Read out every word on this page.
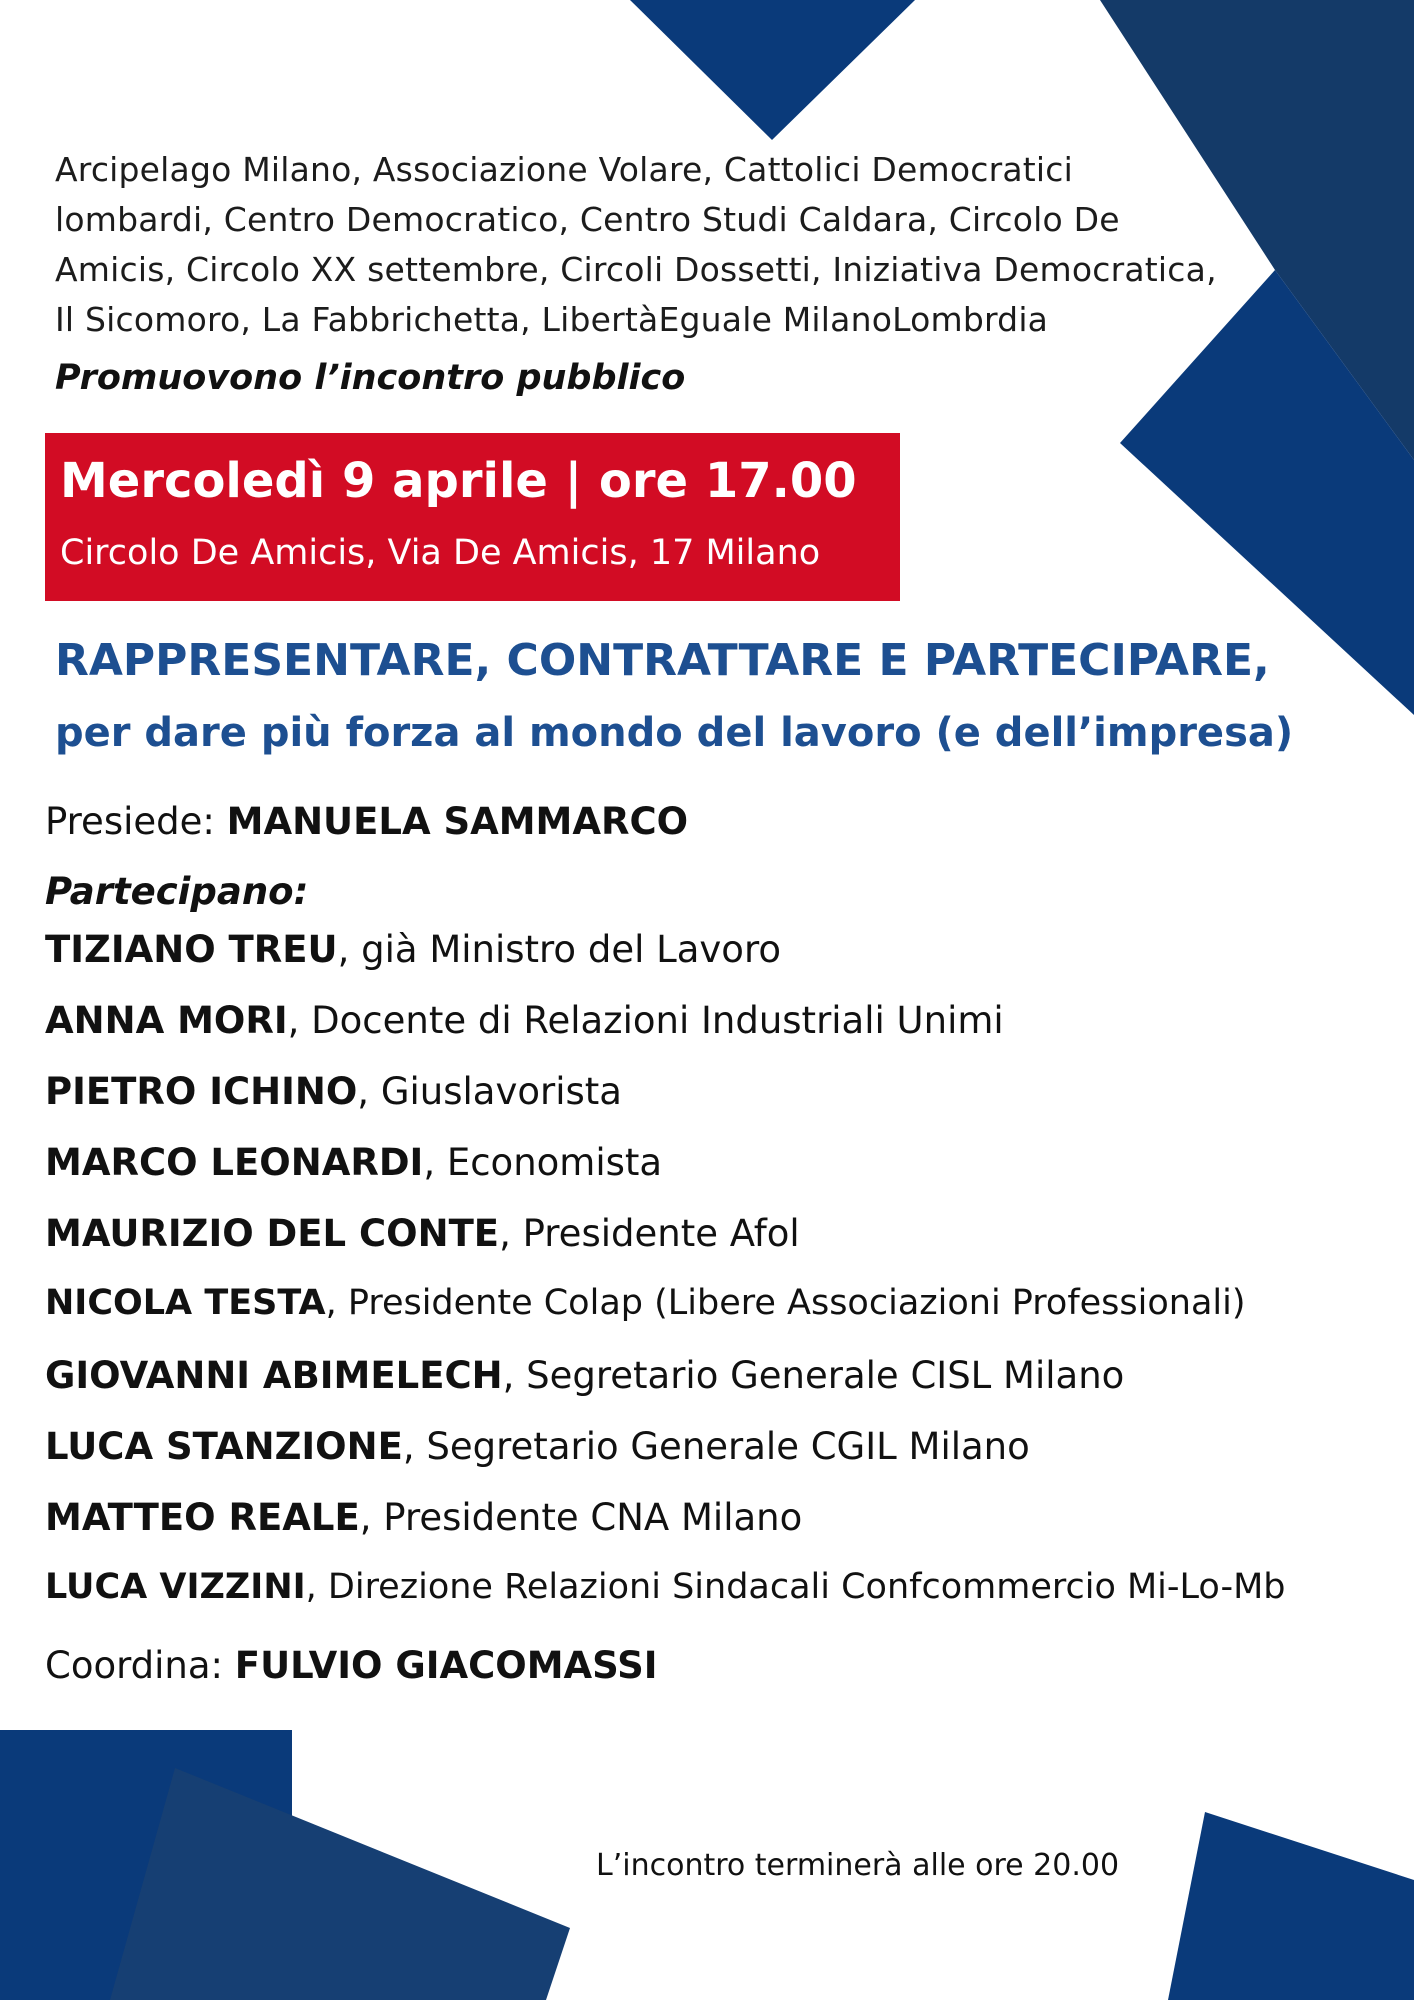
Arcipelago Milano, Associazione Volare, Cattolici Democratici
lombardi, Centro Democratico, Centro Studi Caldara, Circolo De
Amicis, Circolo XX settembre, Circoli Dossetti, Iniziativa Democratica,
Il Sicomoro, La Fabbrichetta, LibertàEguale MilanoLombrdia
Promuovono l’incontro pubblico
Mercoledì 9 aprile | ore 17.00
Circolo De Amicis, Via De Amicis, 17 Milano
RAPPRESENTARE, CONTRATTARE E PARTECIPARE,
per dare più forza al mondo del lavoro (e dell’impresa)
Presiede: MANUELA SAMMARCO
Partecipano:
TIZIANO TREU, già Ministro del Lavoro
ANNA MORI, Docente di Relazioni Industriali Unimi
PIETRO ICHINO, Giuslavorista
MARCO LEONARDI, Economista
MAURIZIO DEL CONTE, Presidente Afol
NICOLA TESTA, Presidente Colap (Libere Associazioni Professionali)
GIOVANNI ABIMELECH, Segretario Generale CISL Milano
LUCA STANZIONE, Segretario Generale CGIL Milano
MATTEO REALE, Presidente CNA Milano
LUCA VIZZINI, Direzione Relazioni Sindacali Confcommercio Mi-Lo-Mb
Coordina: FULVIO GIACOMASSI
L’incontro terminerà alle ore 20.00
